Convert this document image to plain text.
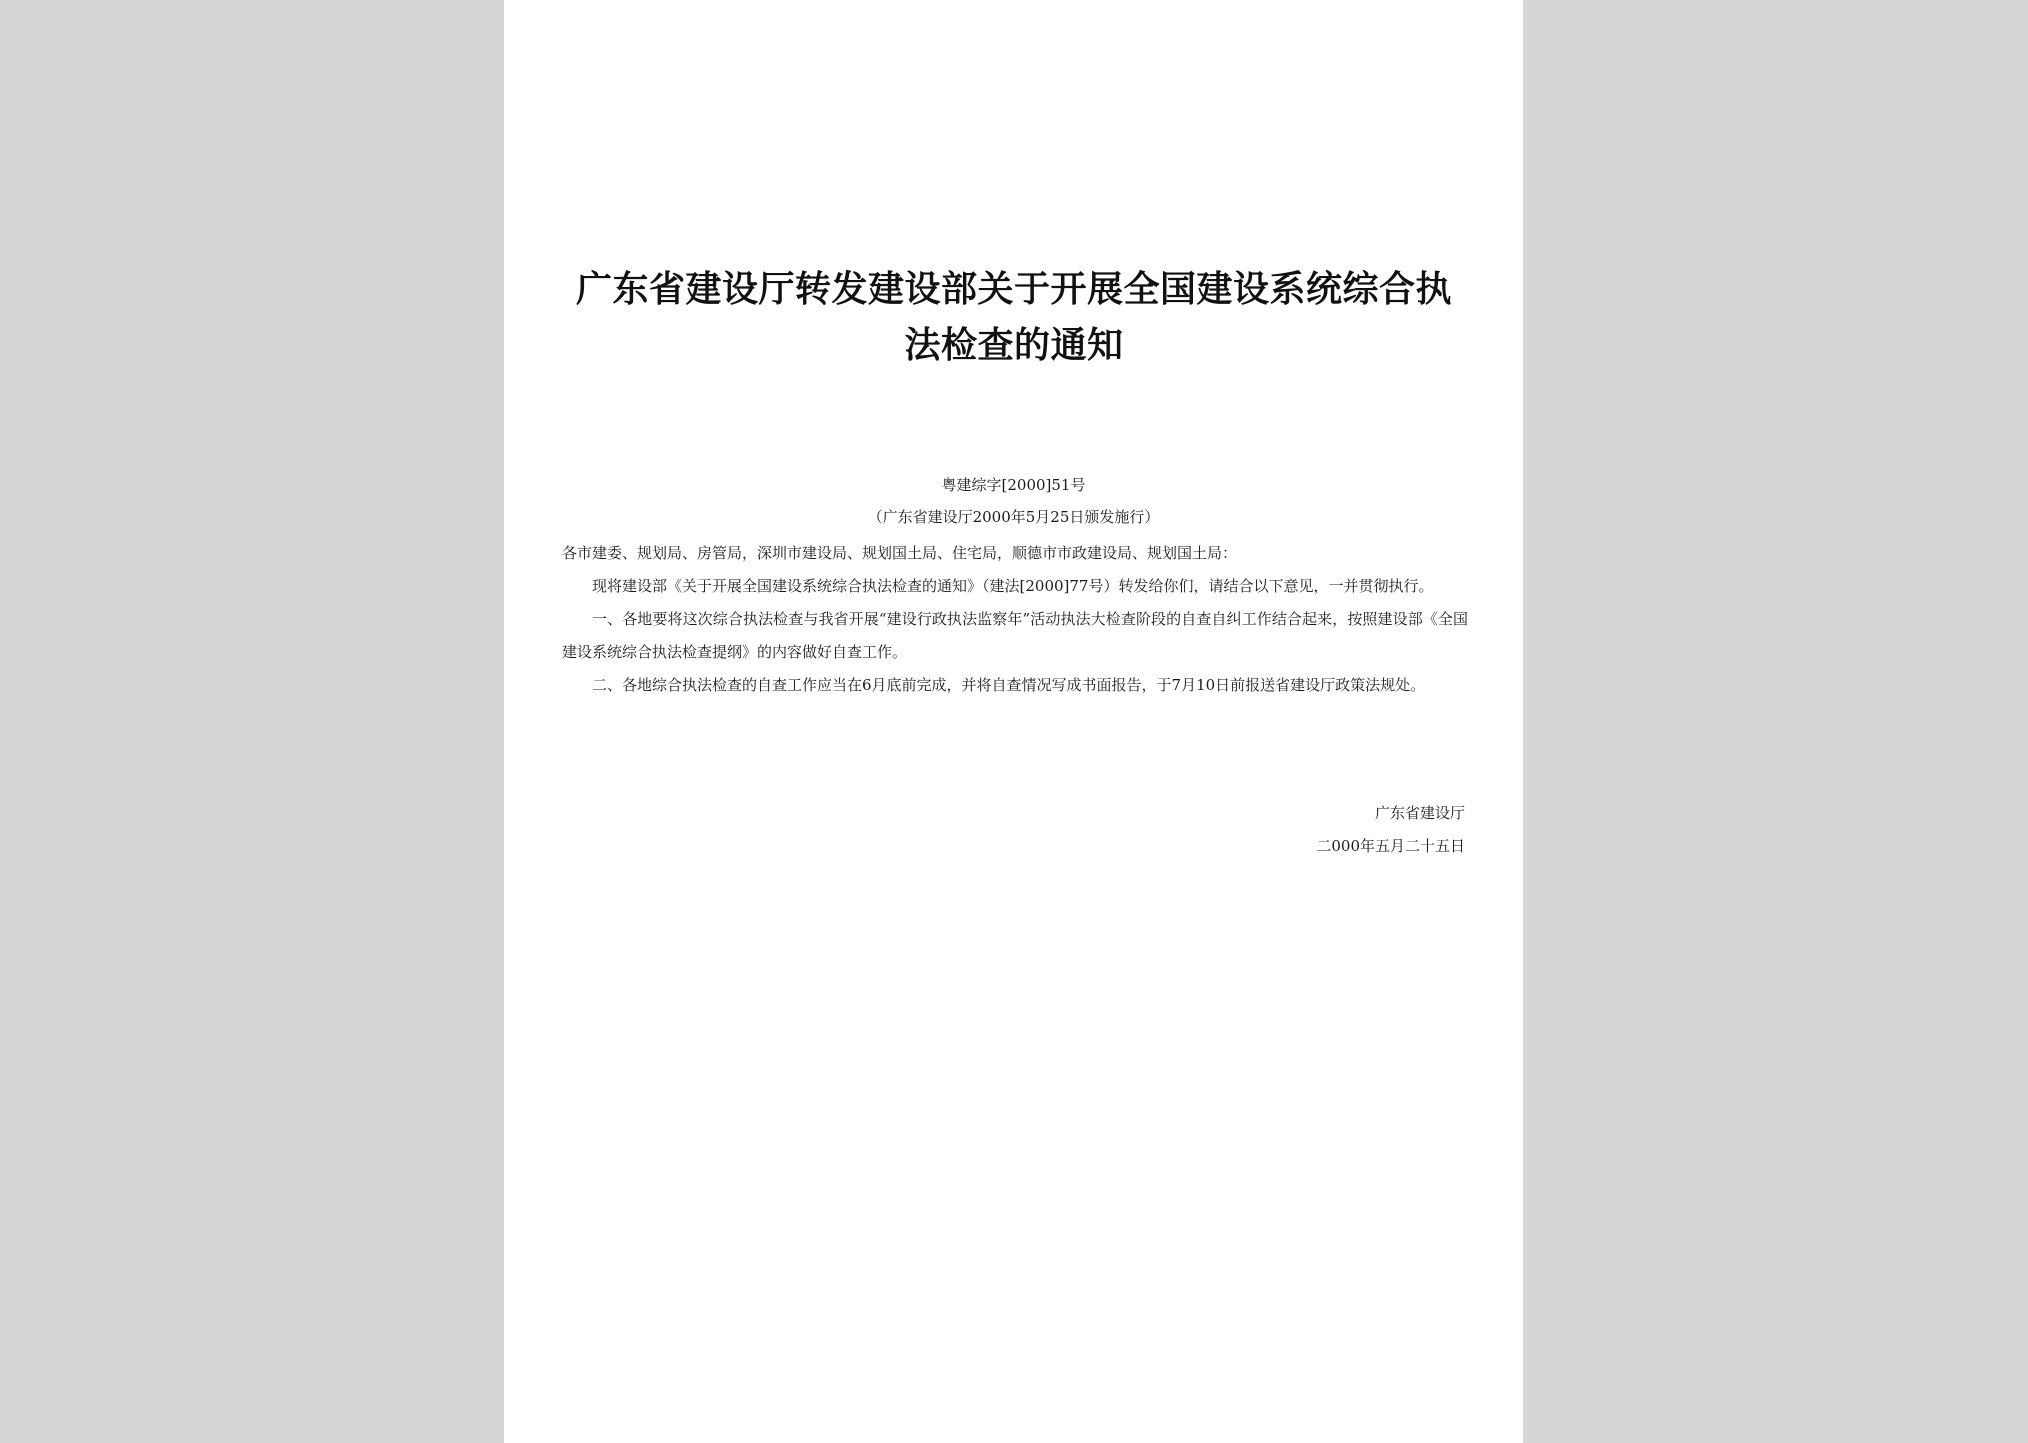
广东省建设厅转发建设部关于开展全国建设系统综合执法检查的通知
粤建综字[2000]51号
（广东省建设厅2000年5月25日颁发施行）

各市建委、规划局、房管局，深圳市建设局、规划国土局、住宅局，顺德市市政建设局、规划国土局：

现将建设部《关于开展全国建设系统综合执法检查的通知》（建法[2000]77号）转发给你们，请结合以下意见，一并贯彻执行。

一、各地要将这次综合执法检查与我省开展“建设行政执法监察年”活动执法大检查阶段的自查自纠工作结合起来，按照建设部《全国建设系统综合执法检查提纲》的内容做好自查工作。

二、各地综合执法检查的自查工作应当在6月底前完成，并将自查情况写成书面报告，于7月10日前报送省建设厅政策法规处。

广东省建设厅
二000年五月二十五日
